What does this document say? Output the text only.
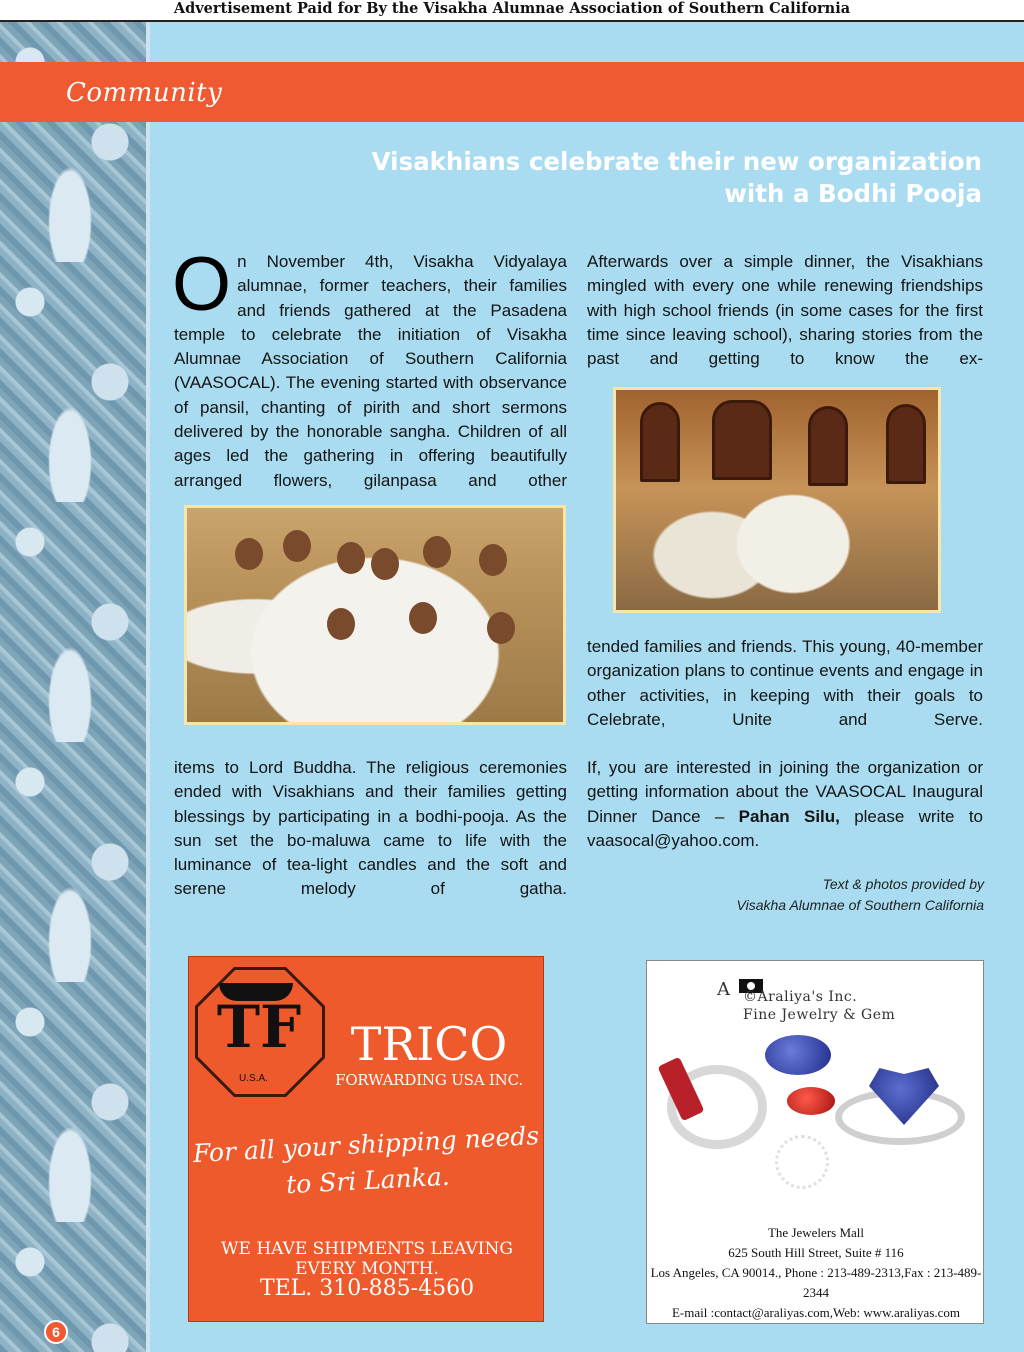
Advertisement Paid for By the Visakha Alumnae Association of Southern California
Community
Visakhians celebrate their new organization
with a Bodhi Pooja
On November 4th, Visakha Vidyalaya alumnae, former teachers, their families and friends gathered at the Pasadena temple to celebrate the initiation of Visakha Alumnae Association of Southern California (VAASOCAL). The evening started with observance of pansil, chanting of pirith and short sermons delivered by the honorable sangha. Children of all ages led the gathering in offering beautifully arranged flowers, gilanpasa and other
Afterwards over a simple dinner, the Visakhians mingled with every one while renewing friendships with high school friends (in some cases for the first time since leaving school), sharing stories from the past and getting to know the ex-
tended families and friends. This young, 40-member organization plans to continue events and engage in other activities, in keeping with their goals to Celebrate, Unite and Serve.
items to Lord Buddha. The religious ceremonies ended with Visakhians and their families getting blessings by participating in a bodhi-pooja. As the sun set the bo-maluwa came to life with the luminance of tea-light candles and the soft and serene melody of gatha.
If, you are interested in joining the organization or getting information about the VAASOCAL Inaugural Dinner Dance – Pahan Silu, please write to vaasocal@yahoo.com.
Text & photos provided by
Visakha Alumnae of Southern California
TF
U.S.A.
TRICO
FORWARDING USA INC.
For all your shipping needs
to Sri Lanka.
WE HAVE SHIPMENTS LEAVING
EVERY MONTH.
TEL. 310-885-4560
A ©Araliya's Inc.
Fine Jewelry & Gem
The Jewelers Mall
625 South Hill Street, Suite # 116
Los Angeles, CA 90014., Phone : 213-489-2313,Fax : 213-489-2344
E-mail :contact@araliyas.com,Web: www.araliyas.com
6
